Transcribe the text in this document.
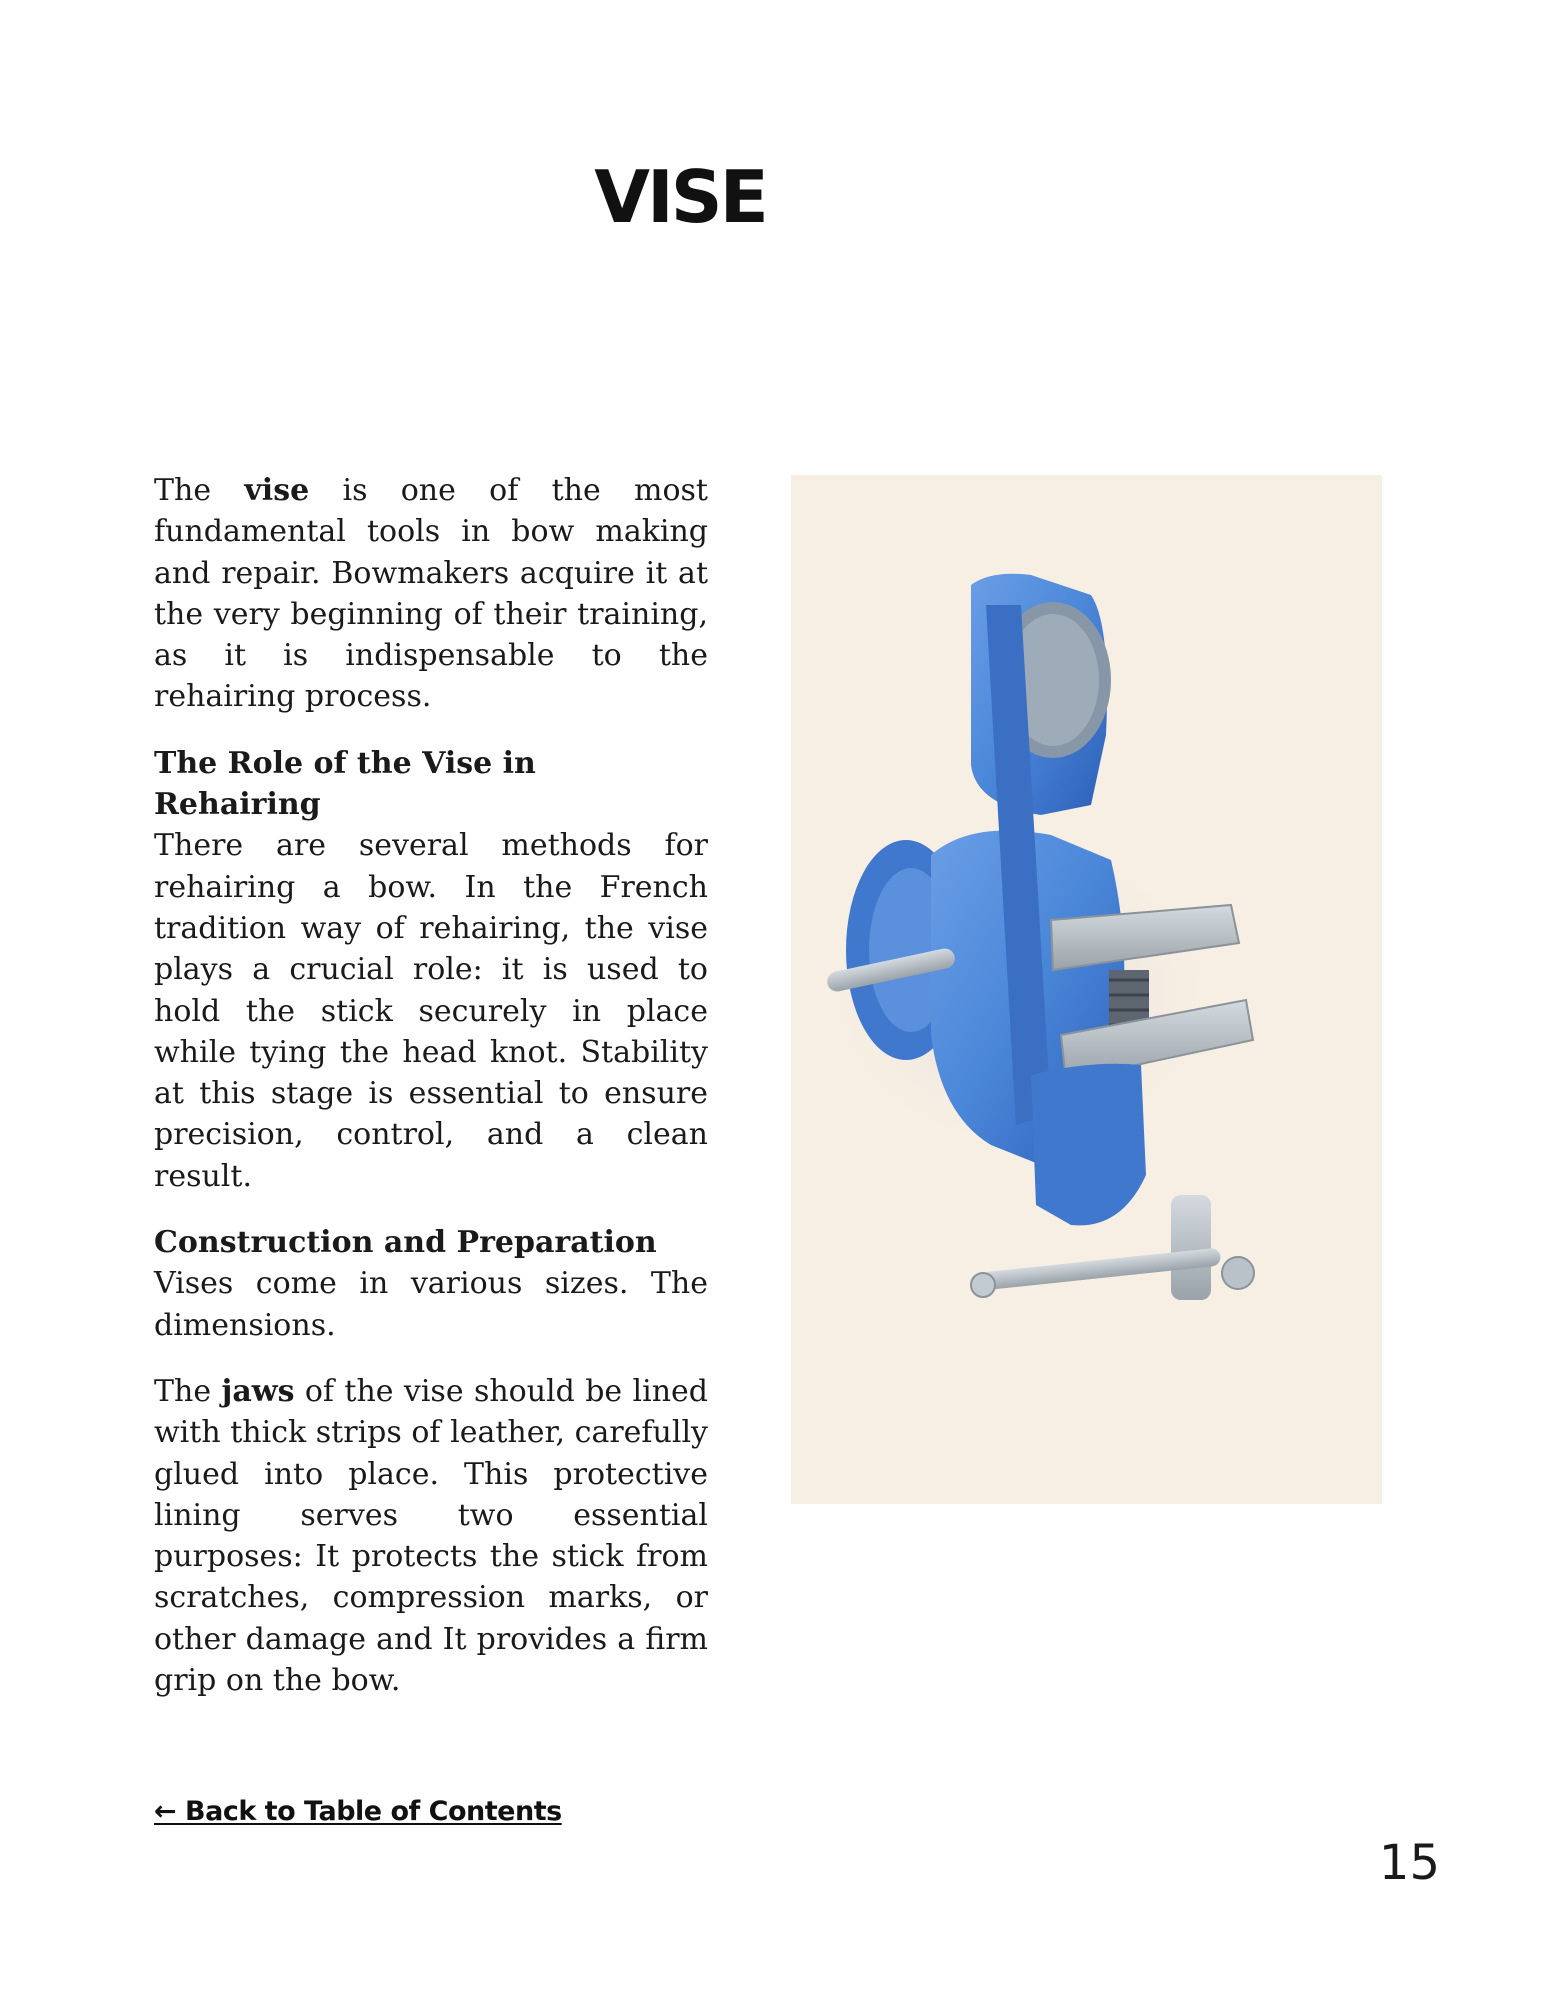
VISE

The vise is one of the most fundamental tools in bow making and repair. Bowmakers acquire it at the very beginning of their training, as it is indispensable to the rehairing process.

The Role of the Vise in Rehairing

There are several methods for rehairing a bow. In the French tradition way of rehairing, the vise plays a crucial role: it is used to hold the stick securely in place while tying the head knot. Stability at this stage is essential to ensure precision, control, and a clean result.

Construction and Preparation

Vises come in various sizes. The dimensions.

The jaws of the vise should be lined with thick strips of leather, carefully glued into place. This protective lining serves two essential purposes: It protects the stick from scratches, compression marks, or other damage and It provides a firm grip on the bow.

← Back to Table of Contents
15
